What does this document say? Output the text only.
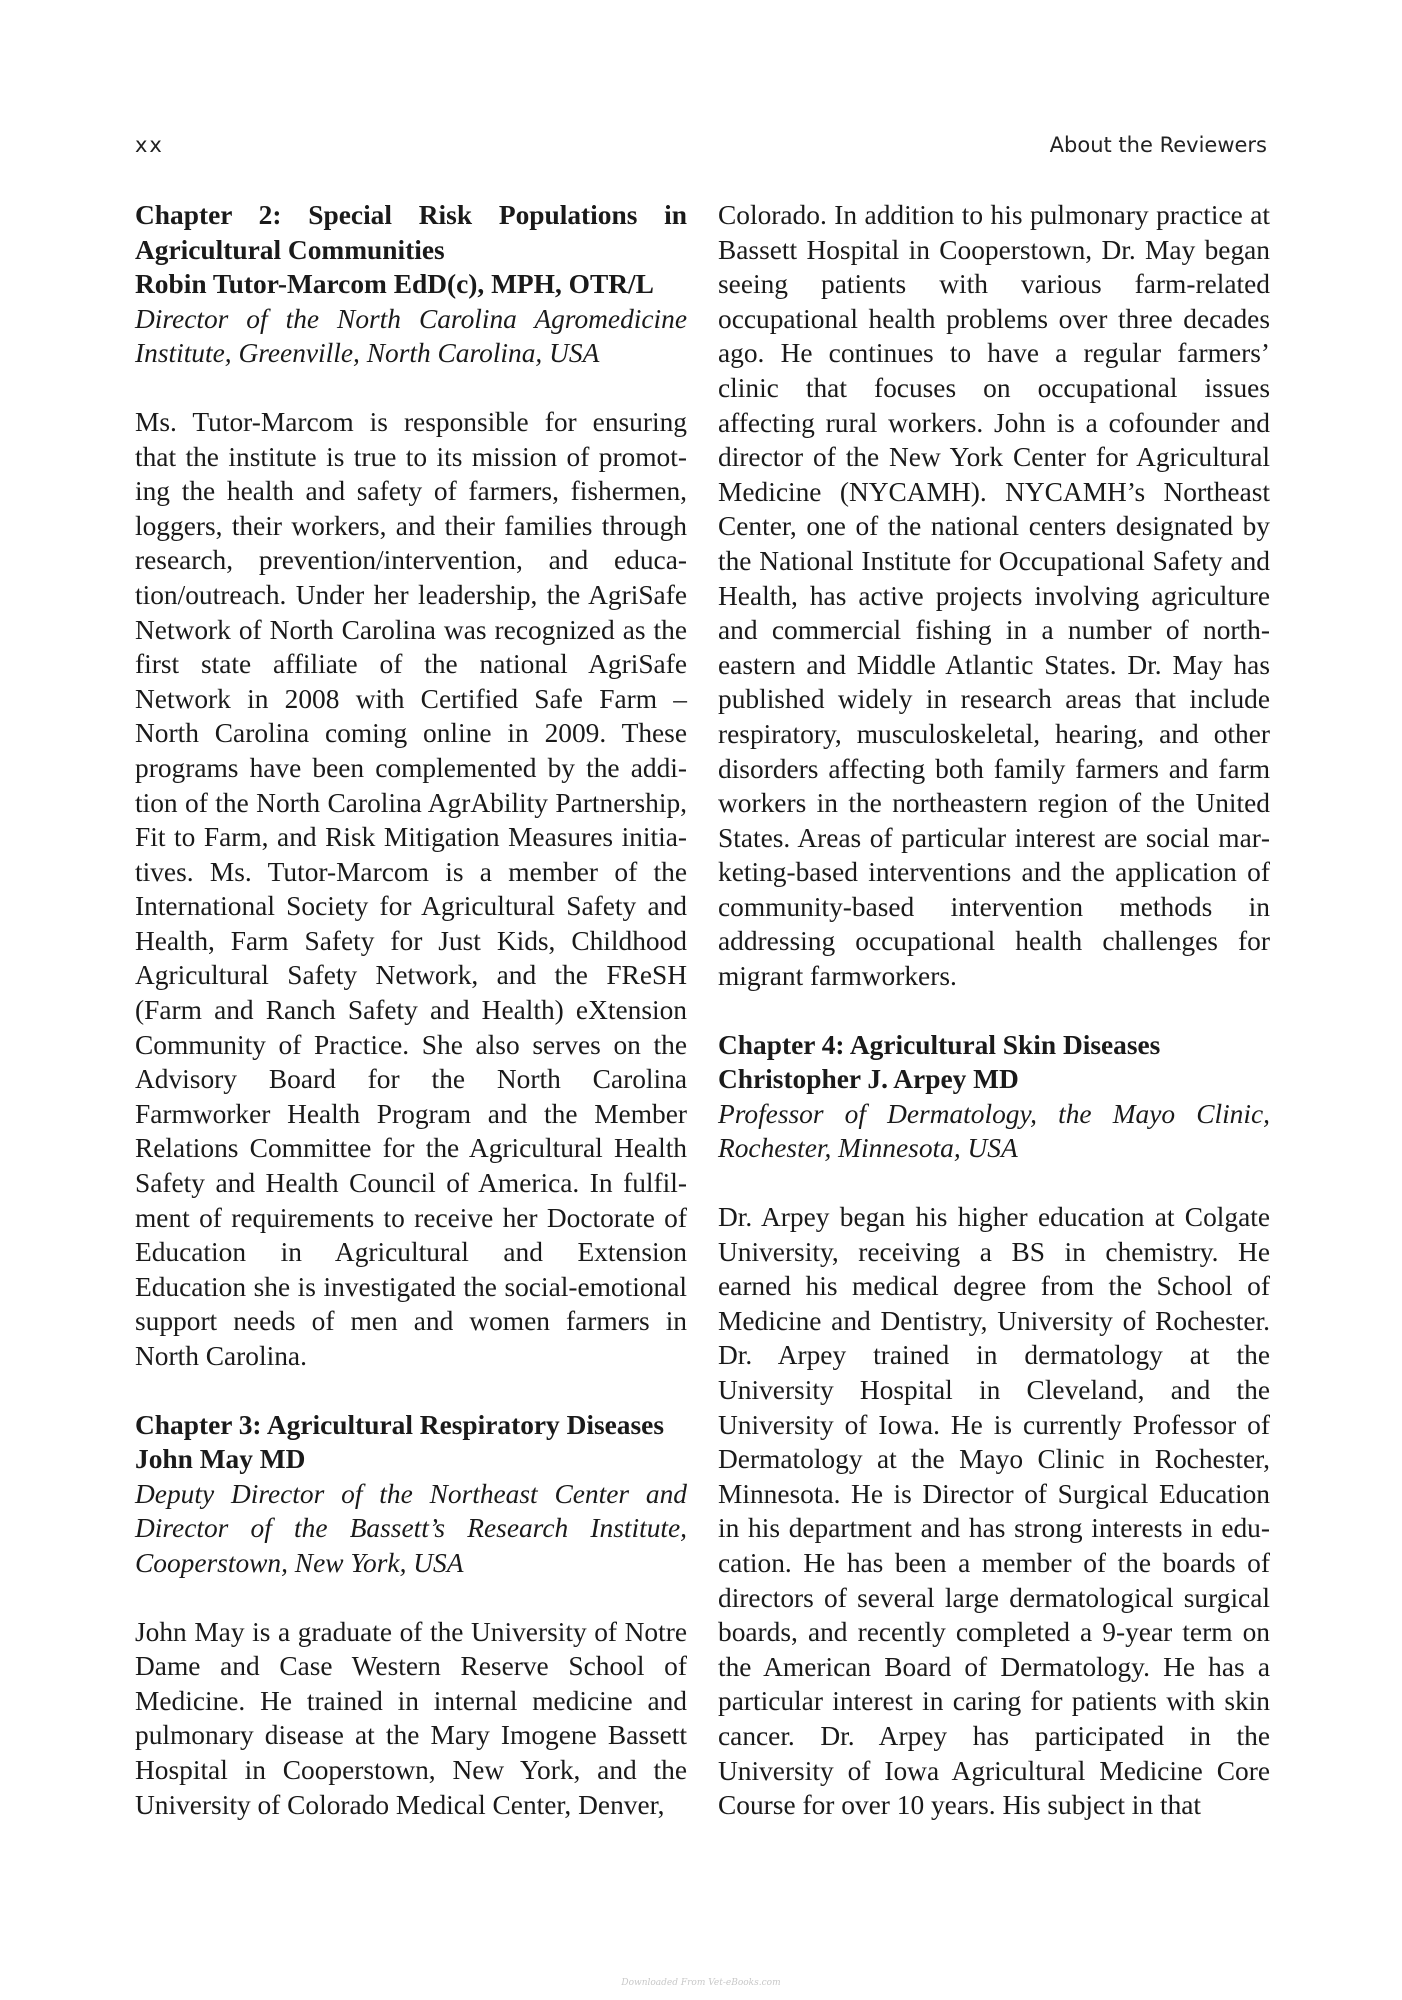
xx	About the Reviewers

Chapter 2: Special Risk Populations in Agricultural Communities

Robin Tutor-Marcom EdD(c), MPH, OTR/L

Director of the North Carolina Agromedicine Institute, Greenville, North Carolina, USA

Ms. Tutor-Marcom is responsible for ensuring that the institute is true to its mission of promoting the health and safety of farmers, fishermen, loggers, their workers, and their families through research, prevention/intervention, and education/outreach. Under her leadership, the AgriSafe Network of North Carolina was recognized as the first state affiliate of the national AgriSafe Network in 2008 with Certified Safe Farm – North Carolina coming online in 2009. These programs have been complemented by the addition of the North Carolina AgrAbility Partnership, Fit to Farm, and Risk Mitigation Measures initiatives. Ms. Tutor-Marcom is a member of the International Society for Agricultural Safety and Health, Farm Safety for Just Kids, Childhood Agricultural Safety Network, and the FReSH (Farm and Ranch Safety and Health) eXtension Community of Practice. She also serves on the Advisory Board for the North Carolina Farmworker Health Program and the Member Relations Committee for the Agricultural Health Safety and Health Council of America. In fulfilment of requirements to receive her Doctorate of Education in Agricultural and Extension Education she is investigated the social-emotional support needs of men and women farmers in North Carolina.

Chapter 3: Agricultural Respiratory Diseases

John May MD

Deputy Director of the Northeast Center and Director of the Bassett’s Research Institute, Cooperstown, New York, USA

John May is a graduate of the University of Notre Dame and Case Western Reserve School of Medicine. He trained in internal medicine and pulmonary disease at the Mary Imogene Bassett Hospital in Cooperstown, New York, and the University of Colorado Medical Center, Denver,

Colorado. In addition to his pulmonary practice at Bassett Hospital in Cooperstown, Dr. May began seeing patients with various farm-related occupational health problems over three decades ago. He continues to have a regular farmers’ clinic that focuses on occupational issues affecting rural workers. John is a cofounder and director of the New York Center for Agricultural Medicine (NYCAMH). NYCAMH’s Northeast Center, one of the national centers designated by the National Institute for Occupational Safety and Health, has active projects involving agriculture and commercial fishing in a number of northeastern and Middle Atlantic States. Dr. May has published widely in research areas that include respiratory, musculoskeletal, hearing, and other disorders affecting both family farmers and farm workers in the northeastern region of the United States. Areas of particular interest are social marketing-based interventions and the application of community-based intervention methods in addressing occupational health challenges for migrant farmworkers.

Chapter 4: Agricultural Skin Diseases

Christopher J. Arpey MD

Professor of Dermatology, the Mayo Clinic, Rochester, Minnesota, USA

Dr. Arpey began his higher education at Colgate University, receiving a BS in chemistry. He earned his medical degree from the School of Medicine and Dentistry, University of Rochester. Dr. Arpey trained in dermatology at the University Hospital in Cleveland, and the University of Iowa. He is currently Professor of Dermatology at the Mayo Clinic in Rochester, Minnesota. He is Director of Surgical Education in his department and has strong interests in education. He has been a member of the boards of directors of several large dermatological surgical boards, and recently completed a 9-year term on the American Board of Dermatology. He has a particular interest in caring for patients with skin cancer. Dr. Arpey has participated in the University of Iowa Agricultural Medicine Core Course for over 10 years. His subject in that

Downloaded From Vet-eBooks.com
